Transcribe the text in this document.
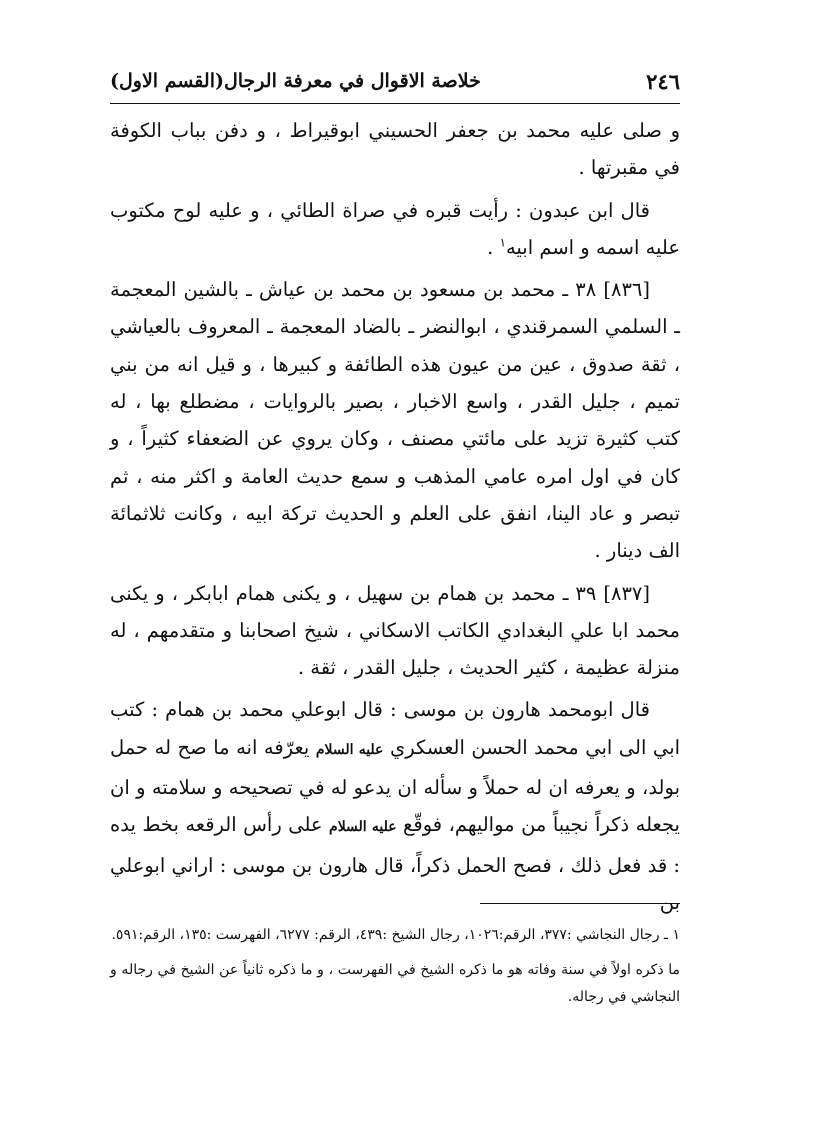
٢٤٦
خلاصة الاقوال في معرفة الرجال(القسم الاول)

و صلى عليه محمد بن جعفر الحسيني ابوقيراط ، و دفن بباب الكوفة في مقبرتها .

قال ابن عبدون : رأيت قبره في صراة الطائي ، و عليه لوح مكتوب عليه اسمه و اسم ابيه$^١$ .

[٨٣٦] ٣٨ ـ محمد بن مسعود بن محمد بن عياش ـ بالشين المعجمة ـ السلمي السمرقندي ، ابوالنضر ـ بالضاد المعجمة ـ المعروف بالعياشي ، ثقة صدوق ، عين من عيون هذه الطائفة و كبيرها ، و قيل انه من بني تميم ، جليل القدر ، واسع الاخبار ، بصير بالروايات ، مضطلع بها ، له كتب كثيرة تزيد على مائتي مصنف ، وكان يروي عن الضعفاء كثيراً ، و كان في اول امره عامي المذهب و سمع حديث العامة و اكثر منه ، ثم تبصر و عاد الينا، انفق على العلم و الحديث تركة ابيه ، وكانت ثلاثمائة الف دينار .

[٨٣٧] ٣٩ ـ محمد بن همام بن سهيل ، و يكنى همام ابابكر ، و يكنى محمد ابا علي البغدادي الكاتب الاسكاني ، شيخ اصحابنا و متقدمهم ، له منزلة عظيمة ، كثير الحديث ، جليل القدر ، ثقة .

قال ابومحمد هارون بن موسى : قال ابوعلي محمد بن همام : كتب ابي الى ابي محمد الحسن العسكري عليه السلام يعرّفه انه ما صح له حمل بولد، و يعرفه ان له حملاً و سأله ان يدعو له في تصحيحه و سلامته و ان يجعله ذكراً نجيباً من مواليهم، فوقّع عليه السلام على رأس الرقعه بخط يده : قد فعل ذلك ، فصح الحمل ذكراً، قال هارون بن موسى : اراني ابوعلي بن

١ ـ رجال النجاشي :٣٧٧، الرقم:١٠٢٦، رجال الشيخ :٤٣٩، الرقم: ٦٢٧٧، الفهرست :١٣٥، الرقم:٥٩١.

ما ذكره اولاً في سنة وفاته هو ما ذكره الشيخ في الفهرست ، و ما ذكره ثانياً عن الشيخ في رجاله و النجاشي في رجاله.
